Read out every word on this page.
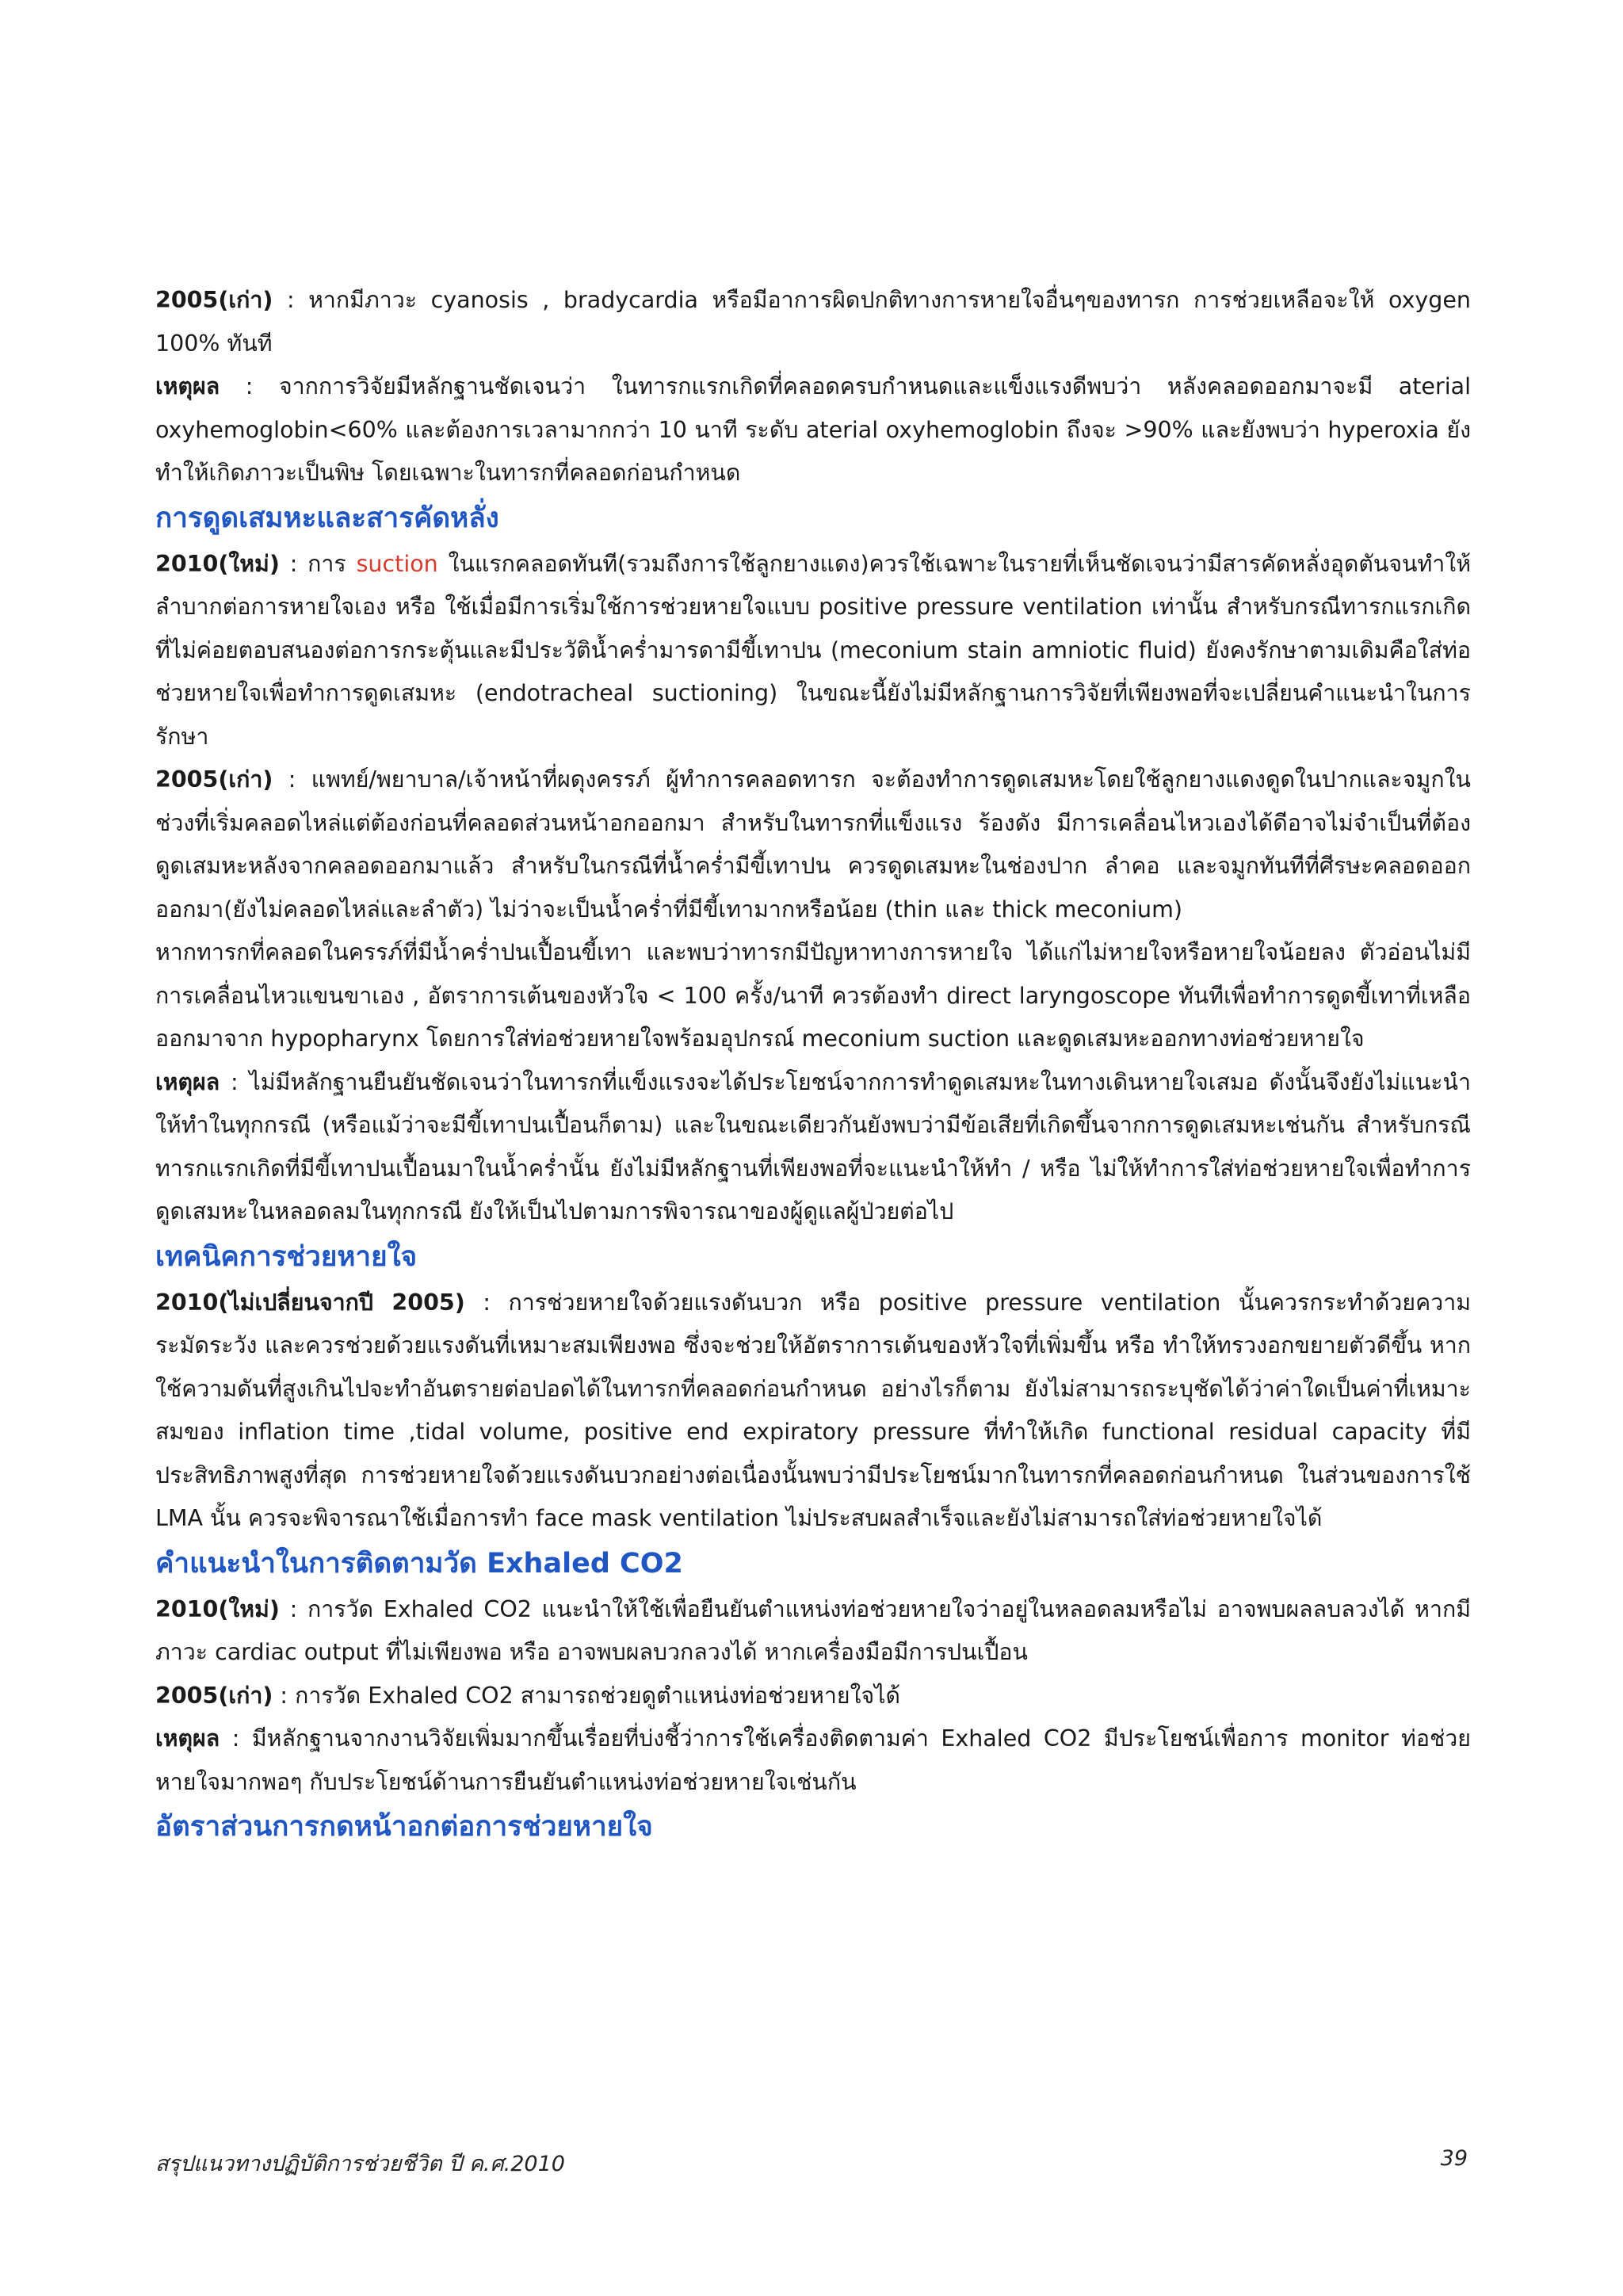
2005(เก่า) : หากมีภาวะ cyanosis , bradycardia หรือมีอาการผิดปกติทางการหายใจอื่นๆของทารก การช่วยเหลือจะให้ oxygen 100% ทันที

เหตุผล : จากการวิจัยมีหลักฐานชัดเจนว่า ในทารกแรกเกิดที่คลอดครบกำหนดและแข็งแรงดีพบว่า หลังคลอดออกมาจะมี aterial oxyhemoglobin<60% และต้องการเวลามากกว่า 10 นาที ระดับ aterial oxyhemoglobin ถึงจะ >90% และยังพบว่า hyperoxia ยังทำให้เกิดภาวะเป็นพิษ โดยเฉพาะในทารกที่คลอดก่อนกำหนด

การดูดเสมหะและสารคัดหลั่ง

2010(ใหม่) : การ suction ในแรกคลอดทันที(รวมถึงการใช้ลูกยางแดง)ควรใช้เฉพาะในรายที่เห็นชัดเจนว่ามีสารคัดหลั่งอุดตันจนทำให้ลำบากต่อการหายใจเอง หรือ ใช้เมื่อมีการเริ่มใช้การช่วยหายใจแบบ positive pressure ventilation เท่านั้น สำหรับกรณีทารกแรกเกิดที่ไม่ค่อยตอบสนองต่อการกระตุ้นและมีประวัติน้ำคร่ำมารดามีขี้เทาปน (meconium stain amniotic fluid) ยังคงรักษาตามเดิมคือใส่ท่อช่วยหายใจเพื่อทำการดูดเสมหะ (endotracheal suctioning) ในขณะนี้ยังไม่มีหลักฐานการวิจัยที่เพียงพอที่จะเปลี่ยนคำแนะนำในการรักษา

2005(เก่า) : แพทย์/พยาบาล/เจ้าหน้าที่ผดุงครรภ์ ผู้ทำการคลอดทารก จะต้องทำการดูดเสมหะโดยใช้ลูกยางแดงดูดในปากและจมูกในช่วงที่เริ่มคลอดไหล่แต่ต้องก่อนที่คลอดส่วนหน้าอกออกมา สำหรับในทารกที่แข็งแรง ร้องดัง มีการเคลื่อนไหวเองได้ดีอาจไม่จำเป็นที่ต้องดูดเสมหะหลังจากคลอดออกมาแล้ว สำหรับในกรณีที่น้ำคร่ำมีขี้เทาปน ควรดูดเสมหะในช่องปาก ลำคอ และจมูกทันทีที่ศีรษะคลอดออกออกมา(ยังไม่คลอดไหล่และลำตัว) ไม่ว่าจะเป็นน้ำคร่ำที่มีขี้เทามากหรือน้อย (thin และ thick meconium)

หากทารกที่คลอดในครรภ์ที่มีน้ำคร่ำปนเปื้อนขี้เทา และพบว่าทารกมีปัญหาทางการหายใจ ได้แก่ไม่หายใจหรือหายใจน้อยลง ตัวอ่อนไม่มีการเคลื่อนไหวแขนขาเอง , อัตราการเต้นของหัวใจ < 100 ครั้ง/นาที ควรต้องทำ direct laryngoscope ทันทีเพื่อทำการดูดขี้เทาที่เหลือออกมาจาก hypopharynx โดยการใส่ท่อช่วยหายใจพร้อมอุปกรณ์ meconium suction และดูดเสมหะออกทางท่อช่วยหายใจ

เหตุผล : ไม่มีหลักฐานยืนยันชัดเจนว่าในทารกที่แข็งแรงจะได้ประโยชน์จากการทำดูดเสมหะในทางเดินหายใจเสมอ ดังนั้นจึงยังไม่แนะนำให้ทำในทุกกรณี (หรือแม้ว่าจะมีขี้เทาปนเปื้อนก็ตาม) และในขณะเดียวกันยังพบว่ามีข้อเสียที่เกิดขึ้นจากการดูดเสมหะเช่นกัน สำหรับกรณีทารกแรกเกิดที่มีขี้เทาปนเปื้อนมาในน้ำคร่ำนั้น ยังไม่มีหลักฐานที่เพียงพอที่จะแนะนำให้ทำ / หรือ ไม่ให้ทำการใส่ท่อช่วยหายใจเพื่อทำการดูดเสมหะในหลอดลมในทุกกรณี ยังให้เป็นไปตามการพิจารณาของผู้ดูแลผู้ป่วยต่อไป

เทคนิคการช่วยหายใจ

2010(ไม่เปลี่ยนจากปี 2005) : การช่วยหายใจด้วยแรงดันบวก หรือ positive pressure ventilation นั้นควรกระทำด้วยความระมัดระวัง และควรช่วยด้วยแรงดันที่เหมาะสมเพียงพอ ซึ่งจะช่วยให้อัตราการเต้นของหัวใจที่เพิ่มขึ้น หรือ ทำให้ทรวงอกขยายตัวดีขึ้น หากใช้ความดันที่สูงเกินไปจะทำอันตรายต่อปอดได้ในทารกที่คลอดก่อนกำหนด อย่างไรก็ตาม ยังไม่สามารถระบุชัดได้ว่าค่าใดเป็นค่าที่เหมาะสมของ inflation time ,tidal volume, positive end expiratory pressure ที่ทำให้เกิด functional residual capacity ที่มีประสิทธิภาพสูงที่สุด การช่วยหายใจด้วยแรงดันบวกอย่างต่อเนื่องนั้นพบว่ามีประโยชน์มากในทารกที่คลอดก่อนกำหนด ในส่วนของการใช้ LMA นั้น ควรจะพิจารณาใช้เมื่อการทำ face mask ventilation ไม่ประสบผลสำเร็จและยังไม่สามารถใส่ท่อช่วยหายใจได้

คำแนะนำในการติดตามวัด Exhaled CO2

2010(ใหม่) : การวัด Exhaled CO2 แนะนำให้ใช้เพื่อยืนยันตำแหน่งท่อช่วยหายใจว่าอยู่ในหลอดลมหรือไม่ อาจพบผลลบลวงได้ หากมีภาวะ cardiac output ที่ไม่เพียงพอ หรือ อาจพบผลบวกลวงได้ หากเครื่องมือมีการปนเปื้อน

2005(เก่า) : การวัด Exhaled CO2 สามารถช่วยดูตำแหน่งท่อช่วยหายใจได้

เหตุผล : มีหลักฐานจากงานวิจัยเพิ่มมากขึ้นเรื่อยที่บ่งชี้ว่าการใช้เครื่องติดตามค่า Exhaled CO2 มีประโยชน์เพื่อการ monitor ท่อช่วยหายใจมากพอๆ กับประโยชน์ด้านการยืนยันตำแหน่งท่อช่วยหายใจเช่นกัน

อัตราส่วนการกดหน้าอกต่อการช่วยหายใจ
สรุปแนวทางปฏิบัติการช่วยชีวิต ปี ค.ศ.2010	39
